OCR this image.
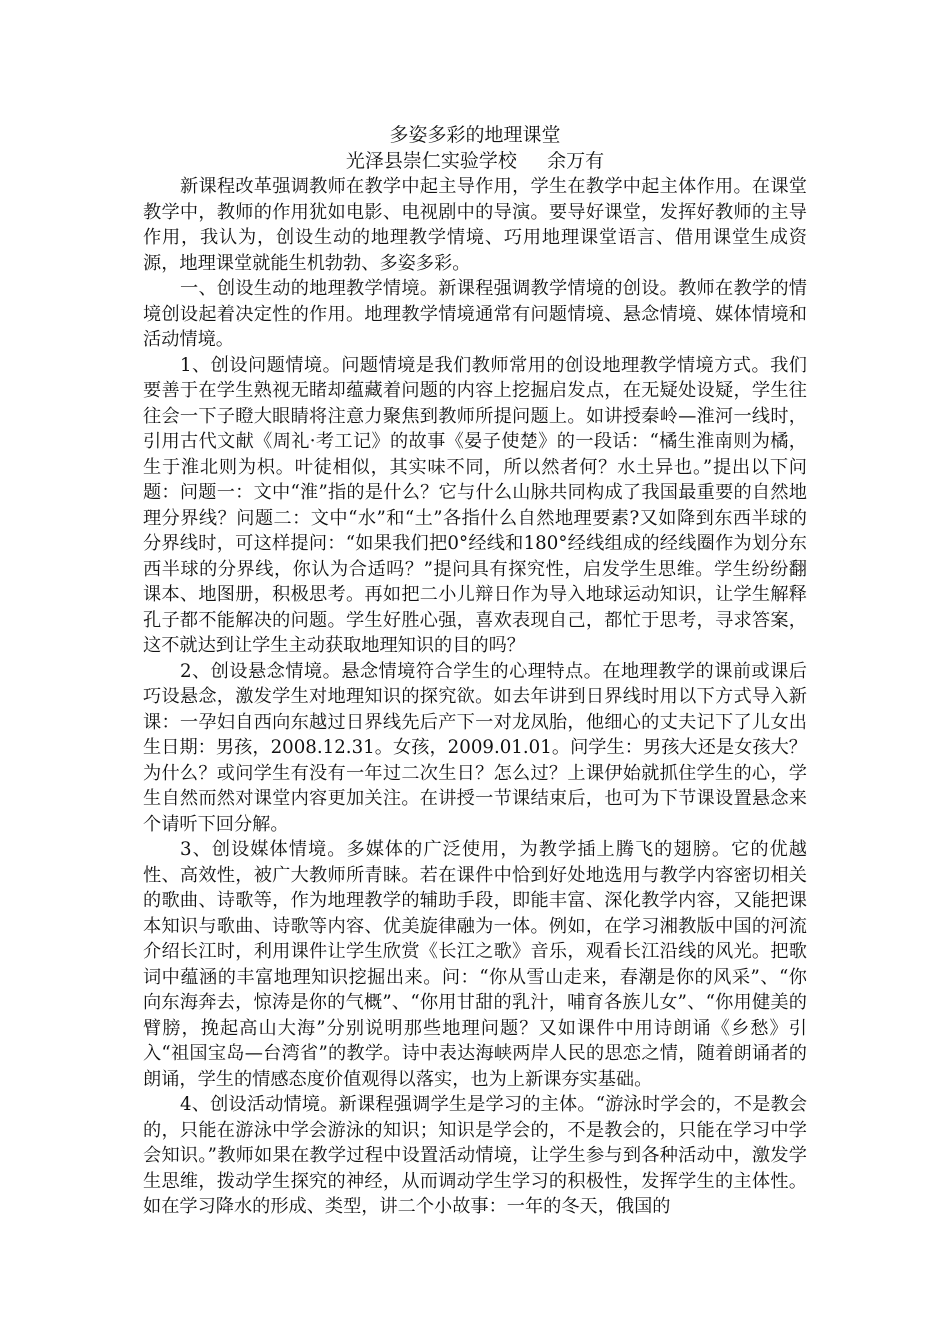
多姿多彩的地理课堂

光泽县崇仁实验学校     余万有

新课程改革强调教师在教学中起主导作用，学生在教学中起主体作用。在课堂教学中，教师的作用犹如电影、电视剧中的导演。要导好课堂，发挥好教师的主导作用，我认为，创设生动的地理教学情境、巧用地理课堂语言、借用课堂生成资源，地理课堂就能生机勃勃、多姿多彩。

一、创设生动的地理教学情境。新课程强调教学情境的创设。教师在教学的情境创设起着决定性的作用。地理教学情境通常有问题情境、悬念情境、媒体情境和活动情境。

1、创设问题情境。问题情境是我们教师常用的创设地理教学情境方式。我们要善于在学生熟视无睹却蕴藏着问题的内容上挖掘启发点，在无疑处设疑，学生往往会一下子瞪大眼睛将注意力聚焦到教师所提问题上。如讲授秦岭—淮河一线时，引用古代文献《周礼·考工记》的故事《晏子使楚》的一段话：“橘生淮南则为橘，生于淮北则为枳。叶徒相似，其实味不同，所以然者何？水土异也。”提出以下问题：问题一：文中“淮”指的是什么？它与什么山脉共同构成了我国最重要的自然地理分界线？问题二：文中“水”和“土”各指什么自然地理要素?又如降到东西半球的分界线时，可这样提问：“如果我们把0°经线和180°经线组成的经线圈作为划分东西半球的分界线，你认为合适吗？”提问具有探究性，启发学生思维。学生纷纷翻课本、地图册，积极思考。再如把二小儿辩日作为导入地球运动知识，让学生解释孔子都不能解决的问题。学生好胜心强，喜欢表现自己，都忙于思考，寻求答案，这不就达到让学生主动获取地理知识的目的吗？

2、创设悬念情境。悬念情境符合学生的心理特点。在地理教学的课前或课后巧设悬念，激发学生对地理知识的探究欲。如去年讲到日界线时用以下方式导入新课：一孕妇自西向东越过日界线先后产下一对龙凤胎，他细心的丈夫记下了儿女出生日期：男孩，2008.12.31。女孩，2009.01.01。问学生：男孩大还是女孩大？为什么？或问学生有没有一年过二次生日？怎么过？上课伊始就抓住学生的心，学生自然而然对课堂内容更加关注。在讲授一节课结束后，也可为下节课设置悬念来个请听下回分解。

3、创设媒体情境。多媒体的广泛使用，为教学插上腾飞的翅膀。它的优越性、高效性，被广大教师所青睐。若在课件中恰到好处地选用与教学内容密切相关的歌曲、诗歌等，作为地理教学的辅助手段，即能丰富、深化教学内容，又能把课本知识与歌曲、诗歌等内容、优美旋律融为一体。例如，在学习湘教版中国的河流介绍长江时，利用课件让学生欣赏《长江之歌》音乐，观看长江沿线的风光。把歌词中蕴涵的丰富地理知识挖掘出来。问：“你从雪山走来，春潮是你的风采”、“你向东海奔去，惊涛是你的气概”、“你用甘甜的乳汁，哺育各族儿女”、“你用健美的臂膀，挽起高山大海”分别说明那些地理问题？又如课件中用诗朗诵《乡愁》引入“祖国宝岛—台湾省”的教学。诗中表达海峡两岸人民的思恋之情，随着朗诵者的朗诵，学生的情感态度价值观得以落实，也为上新课夯实基础。

4、创设活动情境。新课程强调学生是学习的主体。“游泳时学会的，不是教会的，只能在游泳中学会游泳的知识；知识是学会的，不是教会的，只能在学习中学会知识。”教师如果在教学过程中设置活动情境，让学生参与到各种活动中，激发学生思维，拨动学生探究的神经，从而调动学生学习的积极性，发挥学生的主体性。如在学习降水的形成、类型，讲二个小故事：一年的冬天，俄国的
